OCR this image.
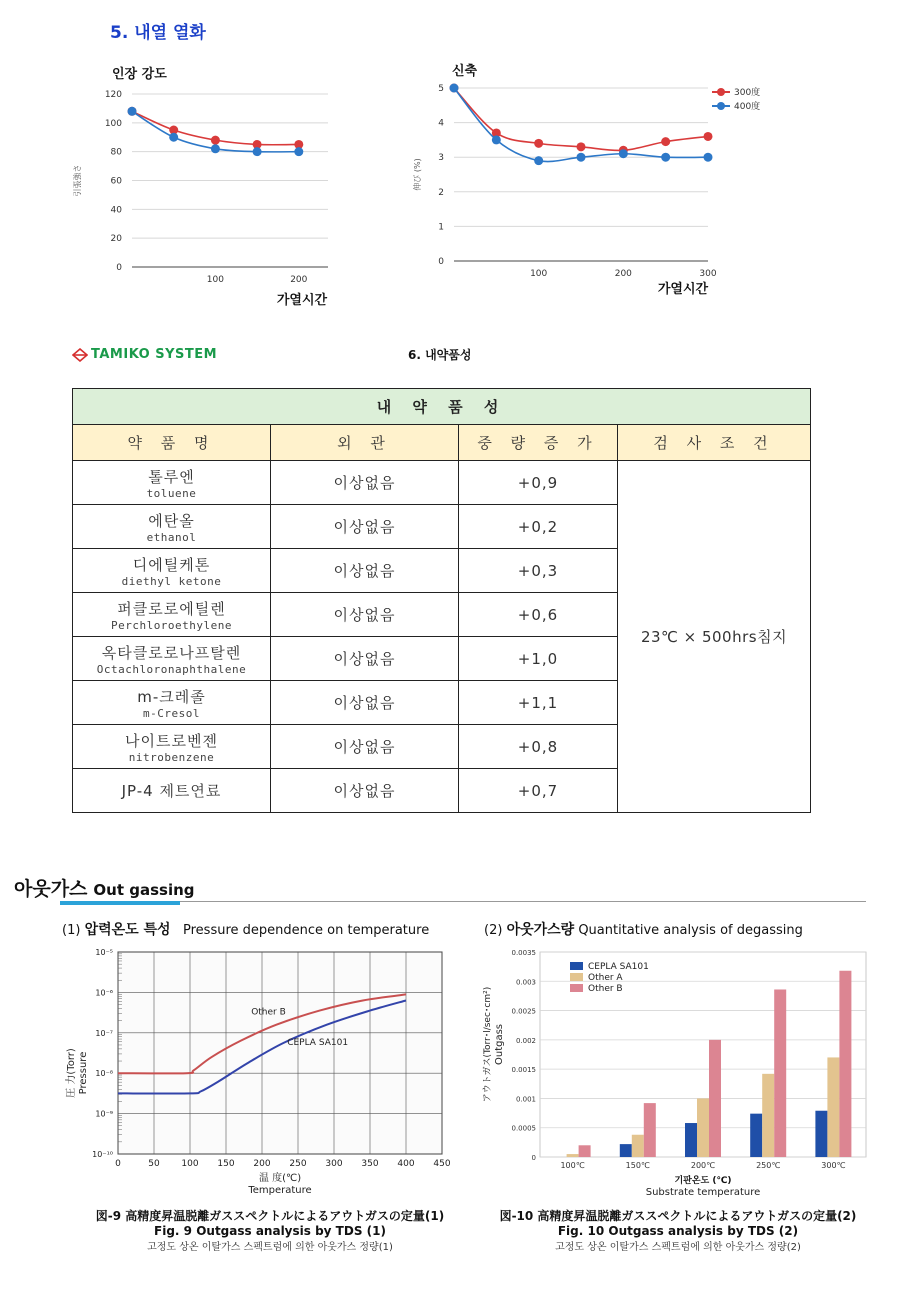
5. 내열 열화
인장 강도	신축
0
20
40
60
80
100
120
100	200
引張強さ
가열시간
0
1
2
3
4
5
100	200	300
伸び (%)
가열시간
300度
400度
TAMIKO SYSTEM	6. 내약품성
내 약 품 성			
약 품 명	외 관	중 량 증 가	검 사 조 건

톨루엔
toluene	이상없음	+0,9	23℃ × 500hrs침지

에탄올
ethanol	이상없음	+0,2	

디에틸케톤
diethyl ketone	이상없음	+0,3	

퍼클로로에틸렌
Perchloroethylene	이상없음	+0,6	

옥타클로로나프탈렌
Octachloronaphthalene	이상없음	+1,0	

m-크레졸
m-Cresol	이상없음	+1,1	

나이트로벤젠
nitrobenzene	이상없음	+0,8	

JP-4 제트연료	이상없음	+0,7	
아웃가스 Out gassing
(1) 압력온도 특성 Pressure dependence on temperature	(2) 아웃가스량 Quantitative analysis of degassing
0	50 100 150 200 250 300 350 400 450
10⁻¹⁰
10⁻⁹
10⁻⁸
10⁻⁷
10⁻⁶
10⁻⁵
Other B
CEPLA SA101
温 度(℃)
Temperature
圧 力(Torr) Pressure
0
0.0005
0.001
0.0015
0.002
0.0025
0.003
0.0035
100℃	150℃	200℃	250℃	300℃
CEPLA SA101
Other A
Other B
기판온도 (℃)
Substrate temperature
アウトガス(Torr･l/sec･cm²) Outgass
図-9 高精度昇温脱離ガススペクトルによるアウトガスの定量(1)
Fig. 9 Outgass analysis by TDS (1)
고정도 상온 이탈가스 스펙트럼에 의한 아웃가스 정량(1)
図-10 高精度昇温脱離ガススペクトルによるアウトガスの定量(2)
Fig. 10 Outgass analysis by TDS (2)
고정도 상온 이탈가스 스펙트럼에 의한 아웃가스 정량(2)
